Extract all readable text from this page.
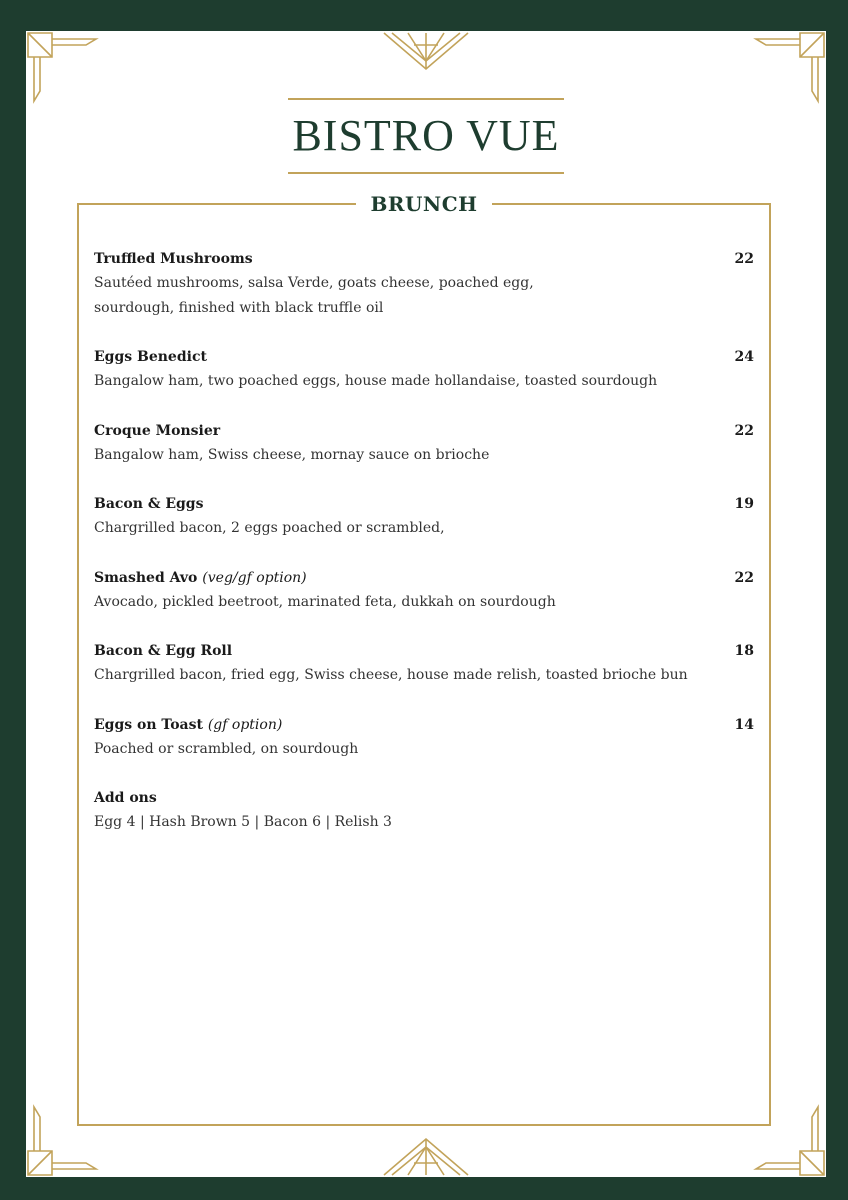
BISTRO VUE
BRUNCH
Truffled Mushrooms	22
Sautéed mushrooms, salsa Verde, goats cheese, poached egg, sourdough, finished with black truffle oil
Eggs Benedict	24
Bangalow ham, two poached eggs, house made hollandaise, toasted sourdough
Croque Monsier	22
Bangalow ham, Swiss cheese, mornay sauce on brioche
Bacon & Eggs	19
Chargrilled bacon, 2 eggs poached or scrambled,
Smashed Avo (veg/gf option)	22
Avocado, pickled beetroot, marinated feta, dukkah on sourdough
Bacon & Egg Roll	18
Chargrilled bacon, fried egg, Swiss cheese, house made relish, toasted brioche bun
Eggs on Toast (gf option)	14
Poached or scrambled, on sourdough
Add ons
Egg 4 | Hash Brown 5 | Bacon 6 | Relish 3
